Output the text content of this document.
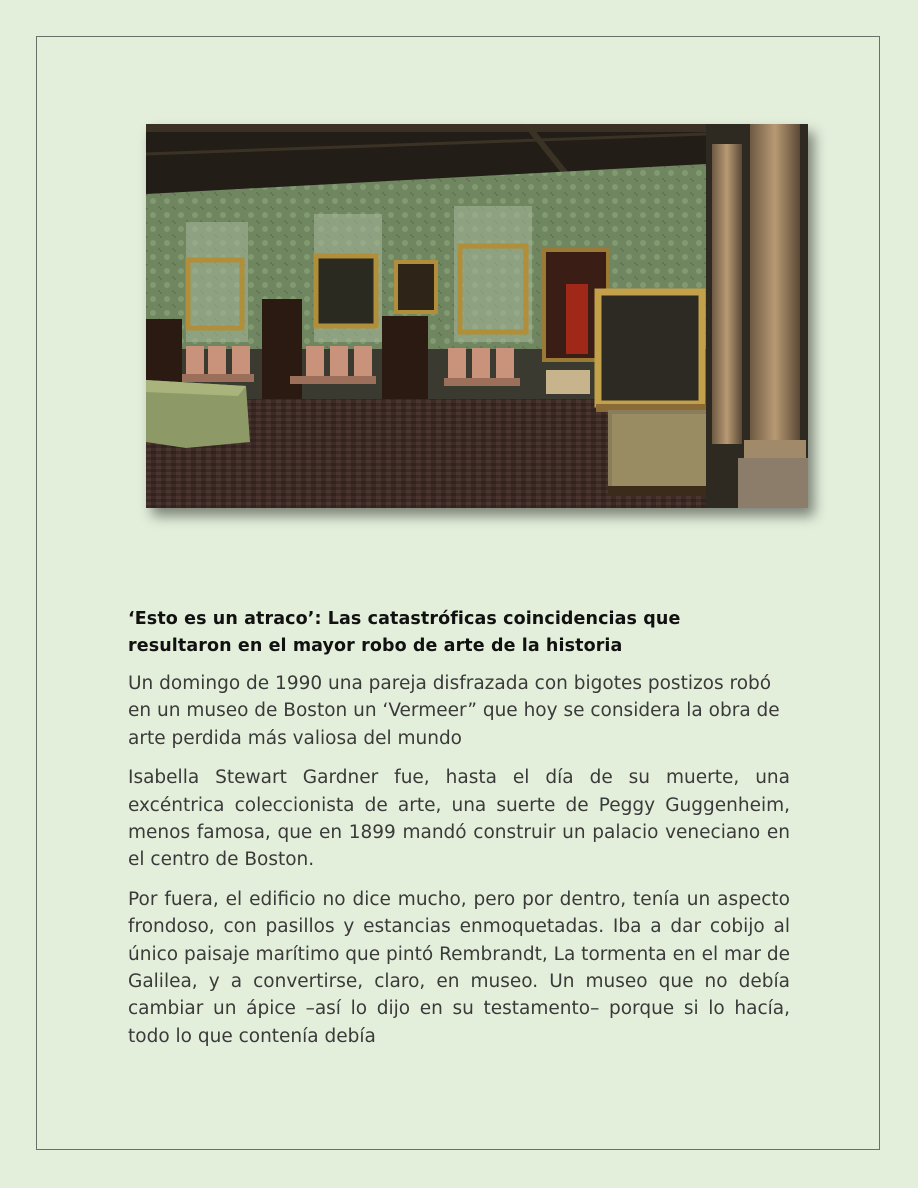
‘Esto es un atraco’: Las catastróficas coincidencias que resultaron en el mayor robo de arte de la historia
Un domingo de 1990 una pareja disfrazada con bigotes postizos robó en un museo de Boston un ‘Vermeer” que hoy se considera la obra de arte perdida más valiosa del mundo
Isabella Stewart Gardner fue, hasta el día de su muerte, una excéntrica coleccionista de arte, una suerte de Peggy Guggenheim, menos famosa, que en 1899 mandó construir un palacio veneciano en el centro de Boston.
Por fuera, el edificio no dice mucho, pero por dentro, tenía un aspecto frondoso, con pasillos y estancias enmoquetadas. Iba a dar cobijo al único paisaje marítimo que pintó Rembrandt, La tormenta en el mar de Galilea, y a convertirse, claro, en museo. Un museo que no debía cambiar un ápice –así lo dijo en su testamento– porque si lo hacía, todo lo que contenía debía
